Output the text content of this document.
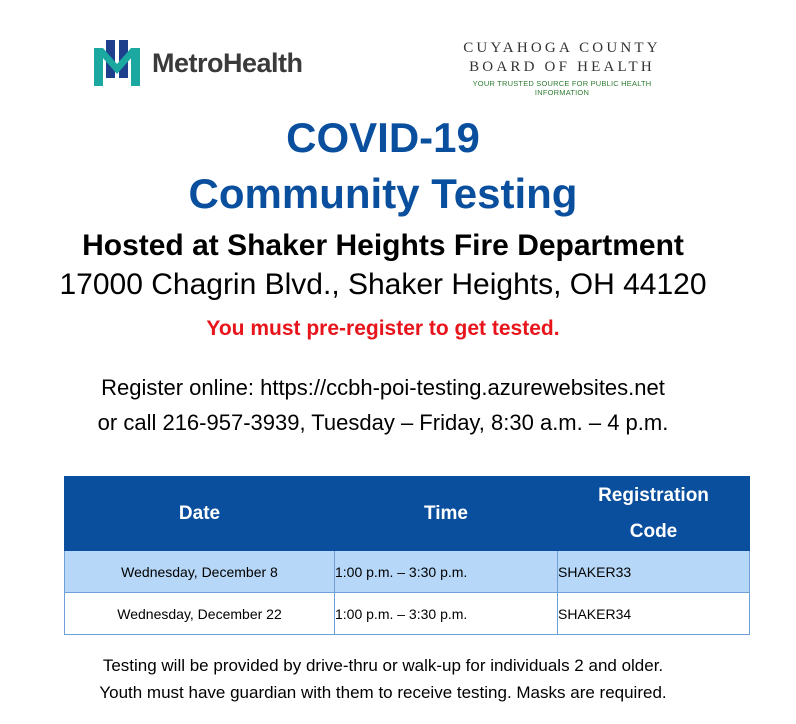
MetroHealth	CUYAHOGA COUNTY
BOARD OF HEALTH
YOUR TRUSTED SOURCE FOR PUBLIC HEALTH INFORMATION
COVID-19
Community Testing
Hosted at Shaker Heights Fire Department
17000 Chagrin Blvd., Shaker Heights, OH 44120
You must pre-register to get tested.
Register online: https://ccbh-poi-testing.azurewebsites.net
or call 216-957-3939, Tuesday – Friday, 8:30 a.m. – 4 p.m.
Date	Time	Registration
Code
Wednesday, December 8	1:00 p.m. – 3:30 p.m.	SHAKER33
Wednesday, December 22	1:00 p.m. – 3:30 p.m.	SHAKER34
Testing will be provided by drive-thru or walk-up for individuals 2 and older.
Youth must have guardian with them to receive testing. Masks are required.
